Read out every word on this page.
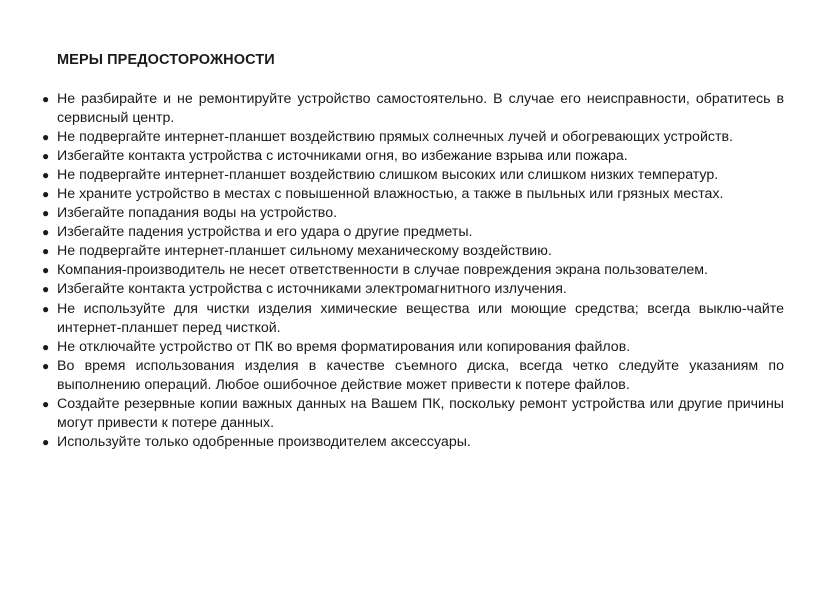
МЕРЫ ПРЕДОСТОРОЖНОСТИ
● Не разбирайте и не ремонтируйте устройство самостоятельно. В случае его неисправности, обратитесь в сервисный центр.
● Не подвергайте интернет-планшет воздействию прямых солнечных лучей и обогревающих устройств.
● Избегайте контакта устройства с источниками огня, во избежание взрыва или пожара.
● Не подвергайте интернет-планшет воздействию слишком высоких или слишком низких температур.
● Не храните устройство в местах с повышенной влажностью, а также в пыльных или грязных местах.
● Избегайте попадания воды на устройство.
● Избегайте падения устройства и его удара о другие предметы.
● Не подвергайте интернет-планшет сильному механическому воздействию.
● Компания-производитель не несет ответственности в случае повреждения экрана пользователем.
● Избегайте контакта устройства с источниками электромагнитного излучения.
● Не используйте для чистки изделия химические вещества или моющие средства; всегда выклю-чайте интернет-планшет перед чисткой.
● Не отключайте устройство от ПК во время форматирования или копирования файлов.
● Во время использования изделия в качестве съемного диска, всегда четко следуйте указаниям по выполнению операций. Любое ошибочное действие может привести к потере файлов.
● Создайте резервные копии важных данных на Вашем ПК, поскольку ремонт устройства или другие причины могут привести к потере данных.
● Используйте только одобренные производителем аксессуары.
